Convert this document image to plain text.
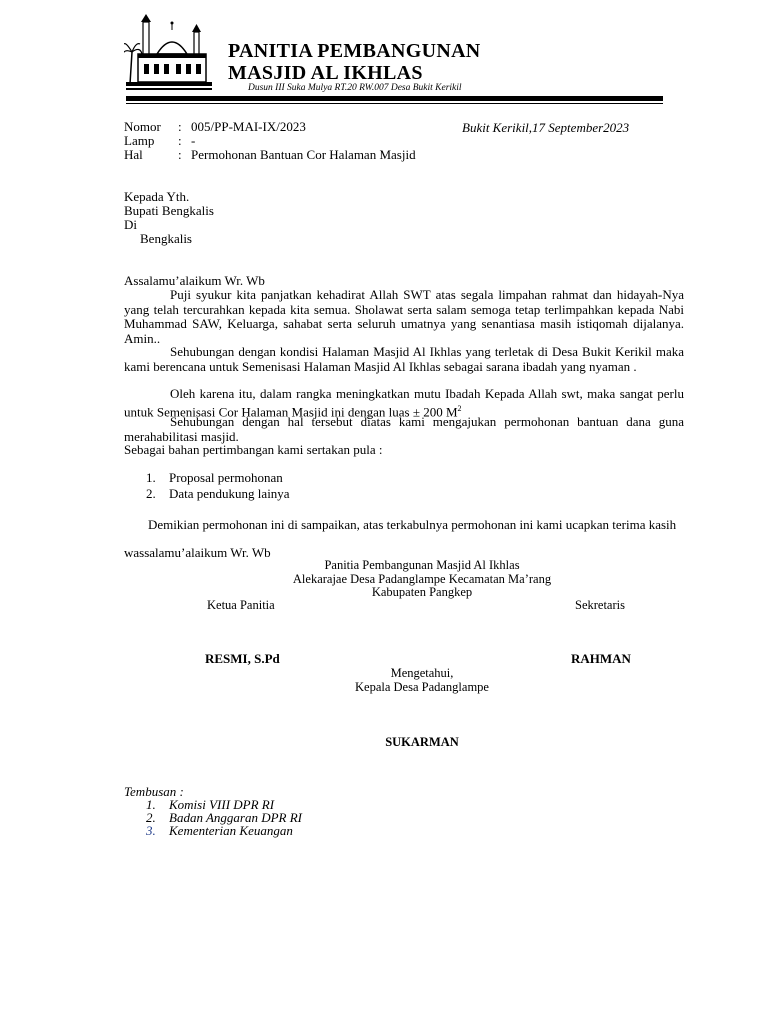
PANITIA PEMBANGUNAN
MASJID AL IKHLAS
Dusun III Suka Mulya RT.20 RW.007 Desa Bukit Kerikil
Nomor : 005/PP-MAI-IX/2023	Bukit Kerikil,17 September2023
Lamp : -
Hal	: Permohonan Bantuan Cor Halaman Masjid
Kepada Yth.
Bupati Bengkalis
Di
Bengkalis
Assalamu’alaikum Wr. Wb
Puji syukur kita panjatkan kehadirat Allah SWT atas segala limpahan rahmat dan hidayah-Nya yang telah tercurahkan kepada kita semua. Sholawat serta salam semoga tetap terlimpahkan kepada Nabi Muhammad SAW, Keluarga, sahabat serta seluruh umatnya yang senantiasa masih istiqomah dijalanya. Amin..
Sehubungan dengan kondisi Halaman Masjid Al Ikhlas yang terletak di Desa Bukit Kerikil maka kami berencana untuk Semenisasi Halaman Masjid Al Ikhlas sebagai sarana ibadah yang nyaman .
Oleh karena itu, dalam rangka meningkatkan mutu Ibadah Kepada Allah swt, maka sangat perlu untuk Semenisasi Cor Halaman Masjid ini dengan luas ± 200 $M^2$
Sehubungan dengan hal tersebut diatas kami mengajukan permohonan bantuan dana guna merahabilitasi masjid.
Sebagai bahan pertimbangan kami sertakan pula :
1. Proposal permohonan
2. Data pendukung lainya
Demikian permohonan ini di sampaikan, atas terkabulnya permohonan ini kami ucapkan terima kasih
wassalamu’alaikum Wr. Wb
Panitia Pembangunan Masjid Al Ikhlas
Alekarajae Desa Padanglampe Kecamatan Ma’rang
Kabupaten Pangkep
Ketua Panitia	Sekretaris
RESMI, S.Pd	RAHMAN
Mengetahui,
Kepala Desa Padanglampe
SUKARMAN
Tembusan :
1. Komisi VIII DPR RI
2. Badan Anggaran DPR RI
3. Kementerian Keuangan
